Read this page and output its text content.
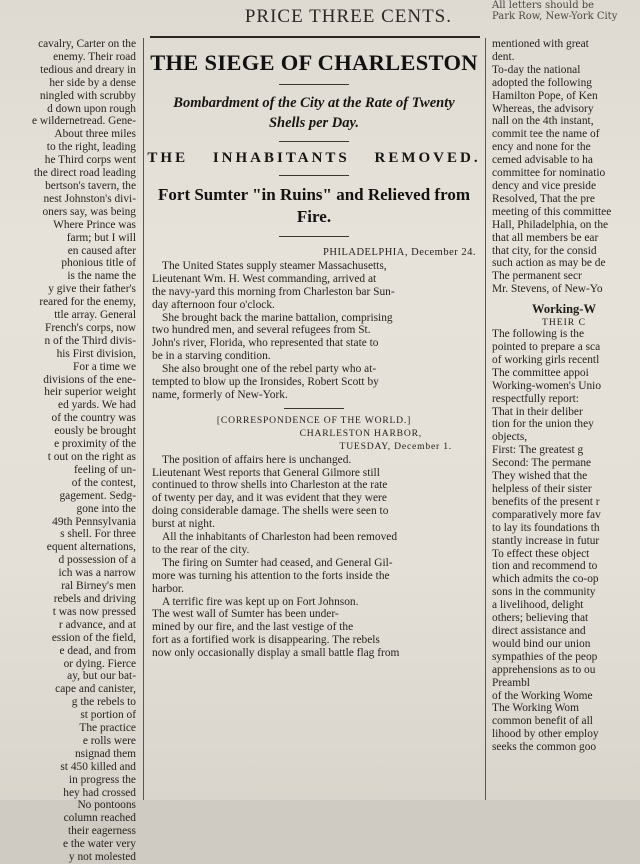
All letters should be
Park Row, New-York City
PRICE THREE CENTS.
cavalry, Carter on the
enemy. Their road
tedious and dreary in
her side by a dense
ningled with scrubby
d down upon rough
e wildernetread. Gene-
About three miles
to the right, leading
he Third corps went
the direct road leading
bertson's tavern, the
nest Johnston's divi-
oners say, was being
Where Prince was
farm; but I will
en caused after
phonious title of
is the name the
y give their father's
reared for the enemy,
ttle array. General
French's corps, now
n of the Third divis-
his First division,
For a time we
divisions of the ene-
heir superior weight
ed yards. We had
of the country was
eously be brought
e proximity of the
t out on the right as
feeling of un-
of the contest,
gagement. Sedg-
gone into the
49th Pennsylvania
s shell. For three
equent alternations,
d possession of a
ich was a narrow
ral Birney's men
rebels and driving
t was now pressed
r advance, and at
ession of the field,
e dead, and from
or dying. Fierce
ay, but our bat-
cape and canister,
g the rebels to
st portion of
The practice
e rolls were
nsignad them
st 450 killed and
in progress the
hey had crossed
No pontoons
column reached
their eagerness
e the water very
y not molested
THE SIEGE OF CHARLESTON
Bombardment of the City at the Rate of Twenty Shells per Day.
THE INHABITANTS REMOVED.
Fort Sumter "in Ruins" and Relieved from Fire.
PHILADELPHIA, December 24.
The United States supply steamer Massachusetts,
Lieutenant Wm. H. West commanding, arrived at
the navy-yard this morning from Charleston bar Sun-
day afternoon four o'clock.
She brought back the marine battalion, comprising
two hundred men, and several refugees from St.
John's river, Florida, who represented that state to
be in a starving condition.
She also brought one of the rebel party who at-
tempted to blow up the Ironsides, Robert Scott by
name, formerly of New-York.
[CORRESPONDENCE OF THE WORLD.]
CHARLESTON HARBOR,
TUESDAY, December 1.
The position of affairs here is unchanged.
Lieutenant West reports that General Gilmore still
continued to throw shells into Charleston at the rate
of twenty per day, and it was evident that they were
doing considerable damage. The shells were seen to
burst at night.
All the inhabitants of Charleston had been removed
to the rear of the city.
The firing on Sumter had ceased, and General Gil-
more was turning his attention to the forts inside the
harbor.
A terrific fire was kept up on Fort Johnson.
The west wall of Sumter has been under-
mined by our fire, and the last vestige of the
fort as a fortified work is disappearing. The rebels
now only occasionally display a small battle flag from
mentioned with great
dent.
To-day the national
adopted the following
Hamilton Pope, of Ken
Whereas, the advisory
nall on the 4th instant,
commit tee the name of
ency and none for the
cemed advisable to ha
committee for nominatio
dency and vice preside
Resolved, That the pre
meeting of this committee
Hall, Philadelphia, on the
that all members be ear
that city, for the consid
such action as may be de
The permanent secr
Mr. Stevens, of New-Yo
Working-W
THEIR C
The following is the
pointed to prepare a sca
of working girls recentl
The committee appoi
Working-women's Unio
respectfully report:
That in their deliber
tion for the union they
objects,
First: The greatest g
Second: The permane
They wished that the
helpless of their sister
benefits of the present r
comparatively more fav
to lay its foundations th
stantly increase in futur
To effect these object
tion and recommend to
which admits the co-op
sons in the community
a livelihood, delight
others; believing that
direct assistance and
would bind our union
sympathies of the peop
apprehensions as to ou
Preambl
of the Working Wome
The Working Wom
common benefit of all
lihood by other employ
seeks the common goo
